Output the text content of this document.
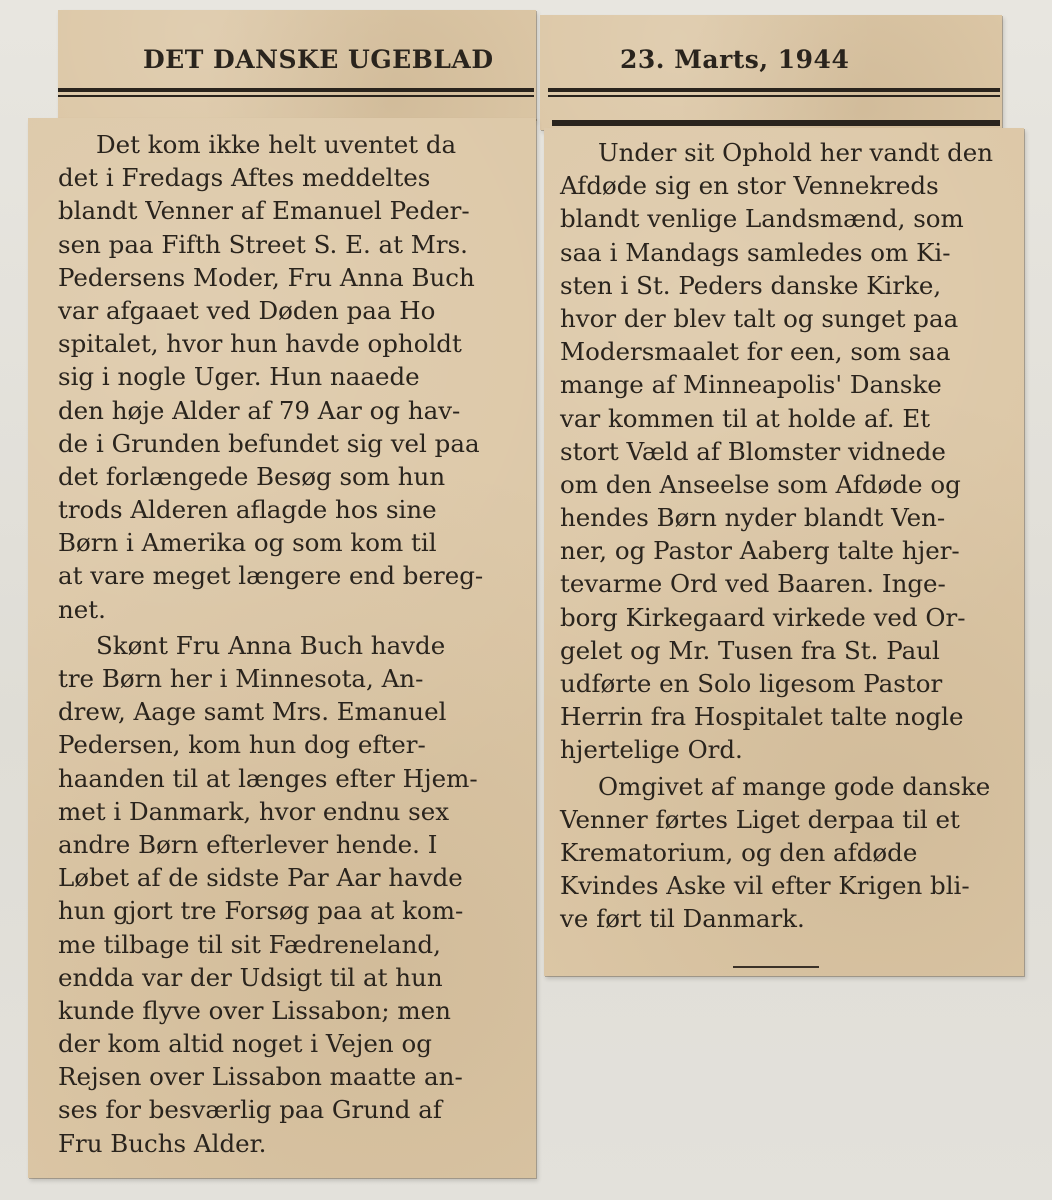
DET DANSKE UGEBLAD	23. Marts, 1944
Det kom ikke helt uventet da
det i Fredags Aftes meddeltes
blandt Venner af Emanuel Peder-
sen paa Fifth Street S. E. at Mrs.
Pedersens Moder, Fru Anna Buch
var afgaaet ved Døden paa Ho
spitalet, hvor hun havde opholdt
sig i nogle Uger. Hun naaede
den høje Alder af 79 Aar og hav-
de i Grunden befundet sig vel paa
det forlængede Besøg som hun
trods Alderen aflagde hos sine
Børn i Amerika og som kom til
at vare meget længere end bereg-
net.
Skønt Fru Anna Buch havde
tre Børn her i Minnesota, An-
drew, Aage samt Mrs. Emanuel
Pedersen, kom hun dog efter-
haanden til at længes efter Hjem-
met i Danmark, hvor endnu sex
andre Børn efterlever hende. I
Løbet af de sidste Par Aar havde
hun gjort tre Forsøg paa at kom-
me tilbage til sit Fædreneland,
endda var der Udsigt til at hun
kunde flyve over Lissabon; men
der kom altid noget i Vejen og
Rejsen over Lissabon maatte an-
ses for besværlig paa Grund af
Fru Buchs Alder.
Under sit Ophold her vandt den
Afdøde sig en stor Vennekreds
blandt venlige Landsmænd, som
saa i Mandags samledes om Ki-
sten i St. Peders danske Kirke,
hvor der blev talt og sunget paa
Modersmaalet for een, som saa
mange af Minneapolis' Danske
var kommen til at holde af. Et
stort Væld af Blomster vidnede
om den Anseelse som Afdøde og
hendes Børn nyder blandt Ven-
ner, og Pastor Aaberg talte hjer-
tevarme Ord ved Baaren. Inge-
borg Kirkegaard virkede ved Or-
gelet og Mr. Tusen fra St. Paul
udførte en Solo ligesom Pastor
Herrin fra Hospitalet talte nogle
hjertelige Ord.
Omgivet af mange gode danske
Venner førtes Liget derpaa til et
Krematorium, og den afdøde
Kvindes Aske vil efter Krigen bli-
ve ført til Danmark.
